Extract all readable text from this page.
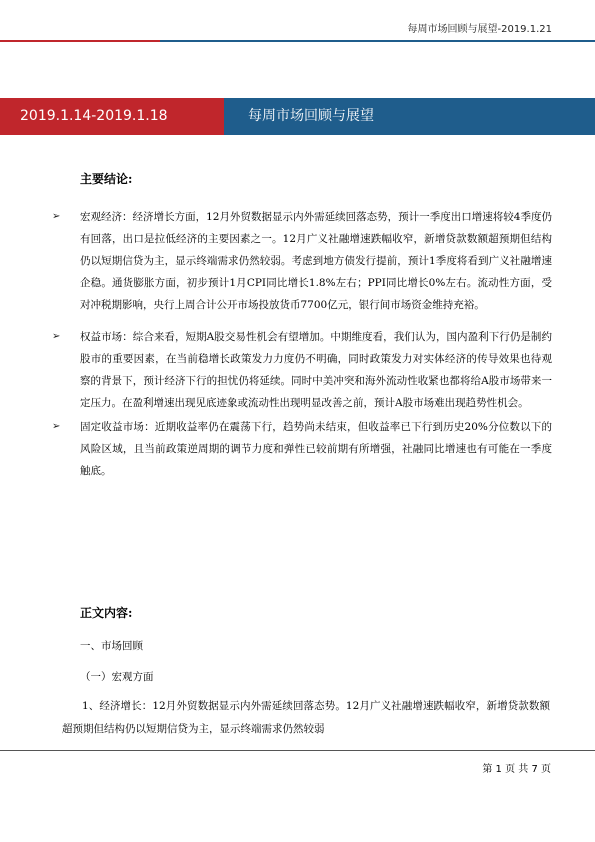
每周市场回顾与展望-2019.1.21
2019.1.14-2019.1.18	每周市场回顾与展望
主要结论:
➢	宏观经济：经济增长方面，12月外贸数据显示内外需延续回落态势，预计一季度出口增速将较4季度仍有回落，出口是拉低经济的主要因素之一。12月广义社融增速跌幅收窄，新增贷款数额超预期但结构仍以短期信贷为主，显示终端需求仍然较弱。考虑到地方债发行提前，预计1季度将看到广义社融增速企稳。通货膨胀方面，初步预计1月CPI同比增长1.8%左右；PPI同比增长0%左右。流动性方面，受对冲税期影响，央行上周合计公开市场投放货币7700亿元，银行间市场资金维持充裕。
➢	权益市场：综合来看，短期A股交易性机会有望增加。中期维度看，我们认为，国内盈利下行仍是制约股市的重要因素，在当前稳增长政策发力力度仍不明确，同时政策发力对实体经济的传导效果也待观察的背景下，预计经济下行的担忧仍将延续。同时中美冲突和海外流动性收紧也都将给A股市场带来一定压力。在盈利增速出现见底迹象或流动性出现明显改善之前，预计A股市场难出现趋势性机会。
➢	固定收益市场：近期收益率仍在震荡下行，趋势尚未结束，但收益率已下行到历史20%分位数以下的风险区域，且当前政策逆周期的调节力度和弹性已较前期有所增强，社融同比增速也有可能在一季度触底。
正文内容:
一、市场回顾
（一）宏观方面
1、经济增长：12月外贸数据显示内外需延续回落态势。12月广义社融增速跌幅收窄，新增贷款数额超预期但结构仍以短期信贷为主，显示终端需求仍然较弱
第 1 页 共 7 页
